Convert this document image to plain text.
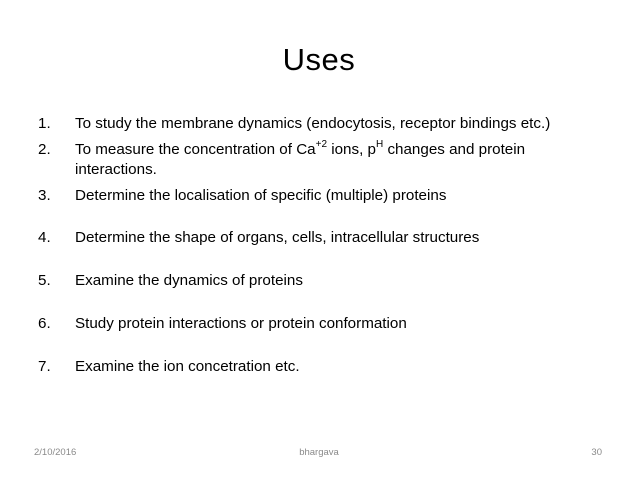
Uses
1. To study the membrane dynamics (endocytosis, receptor bindings etc.)
2. To measure the concentration of $Ca^{+2}$ ions, $p^H$ changes and protein interactions.
3. Determine the localisation of specific (multiple) proteins
4. Determine the shape of organs, cells, intracellular structures
5. Examine the dynamics of proteins
6. Study protein interactions or protein conformation
7. Examine the ion concetration etc.
2/10/2016	bhargava	30
